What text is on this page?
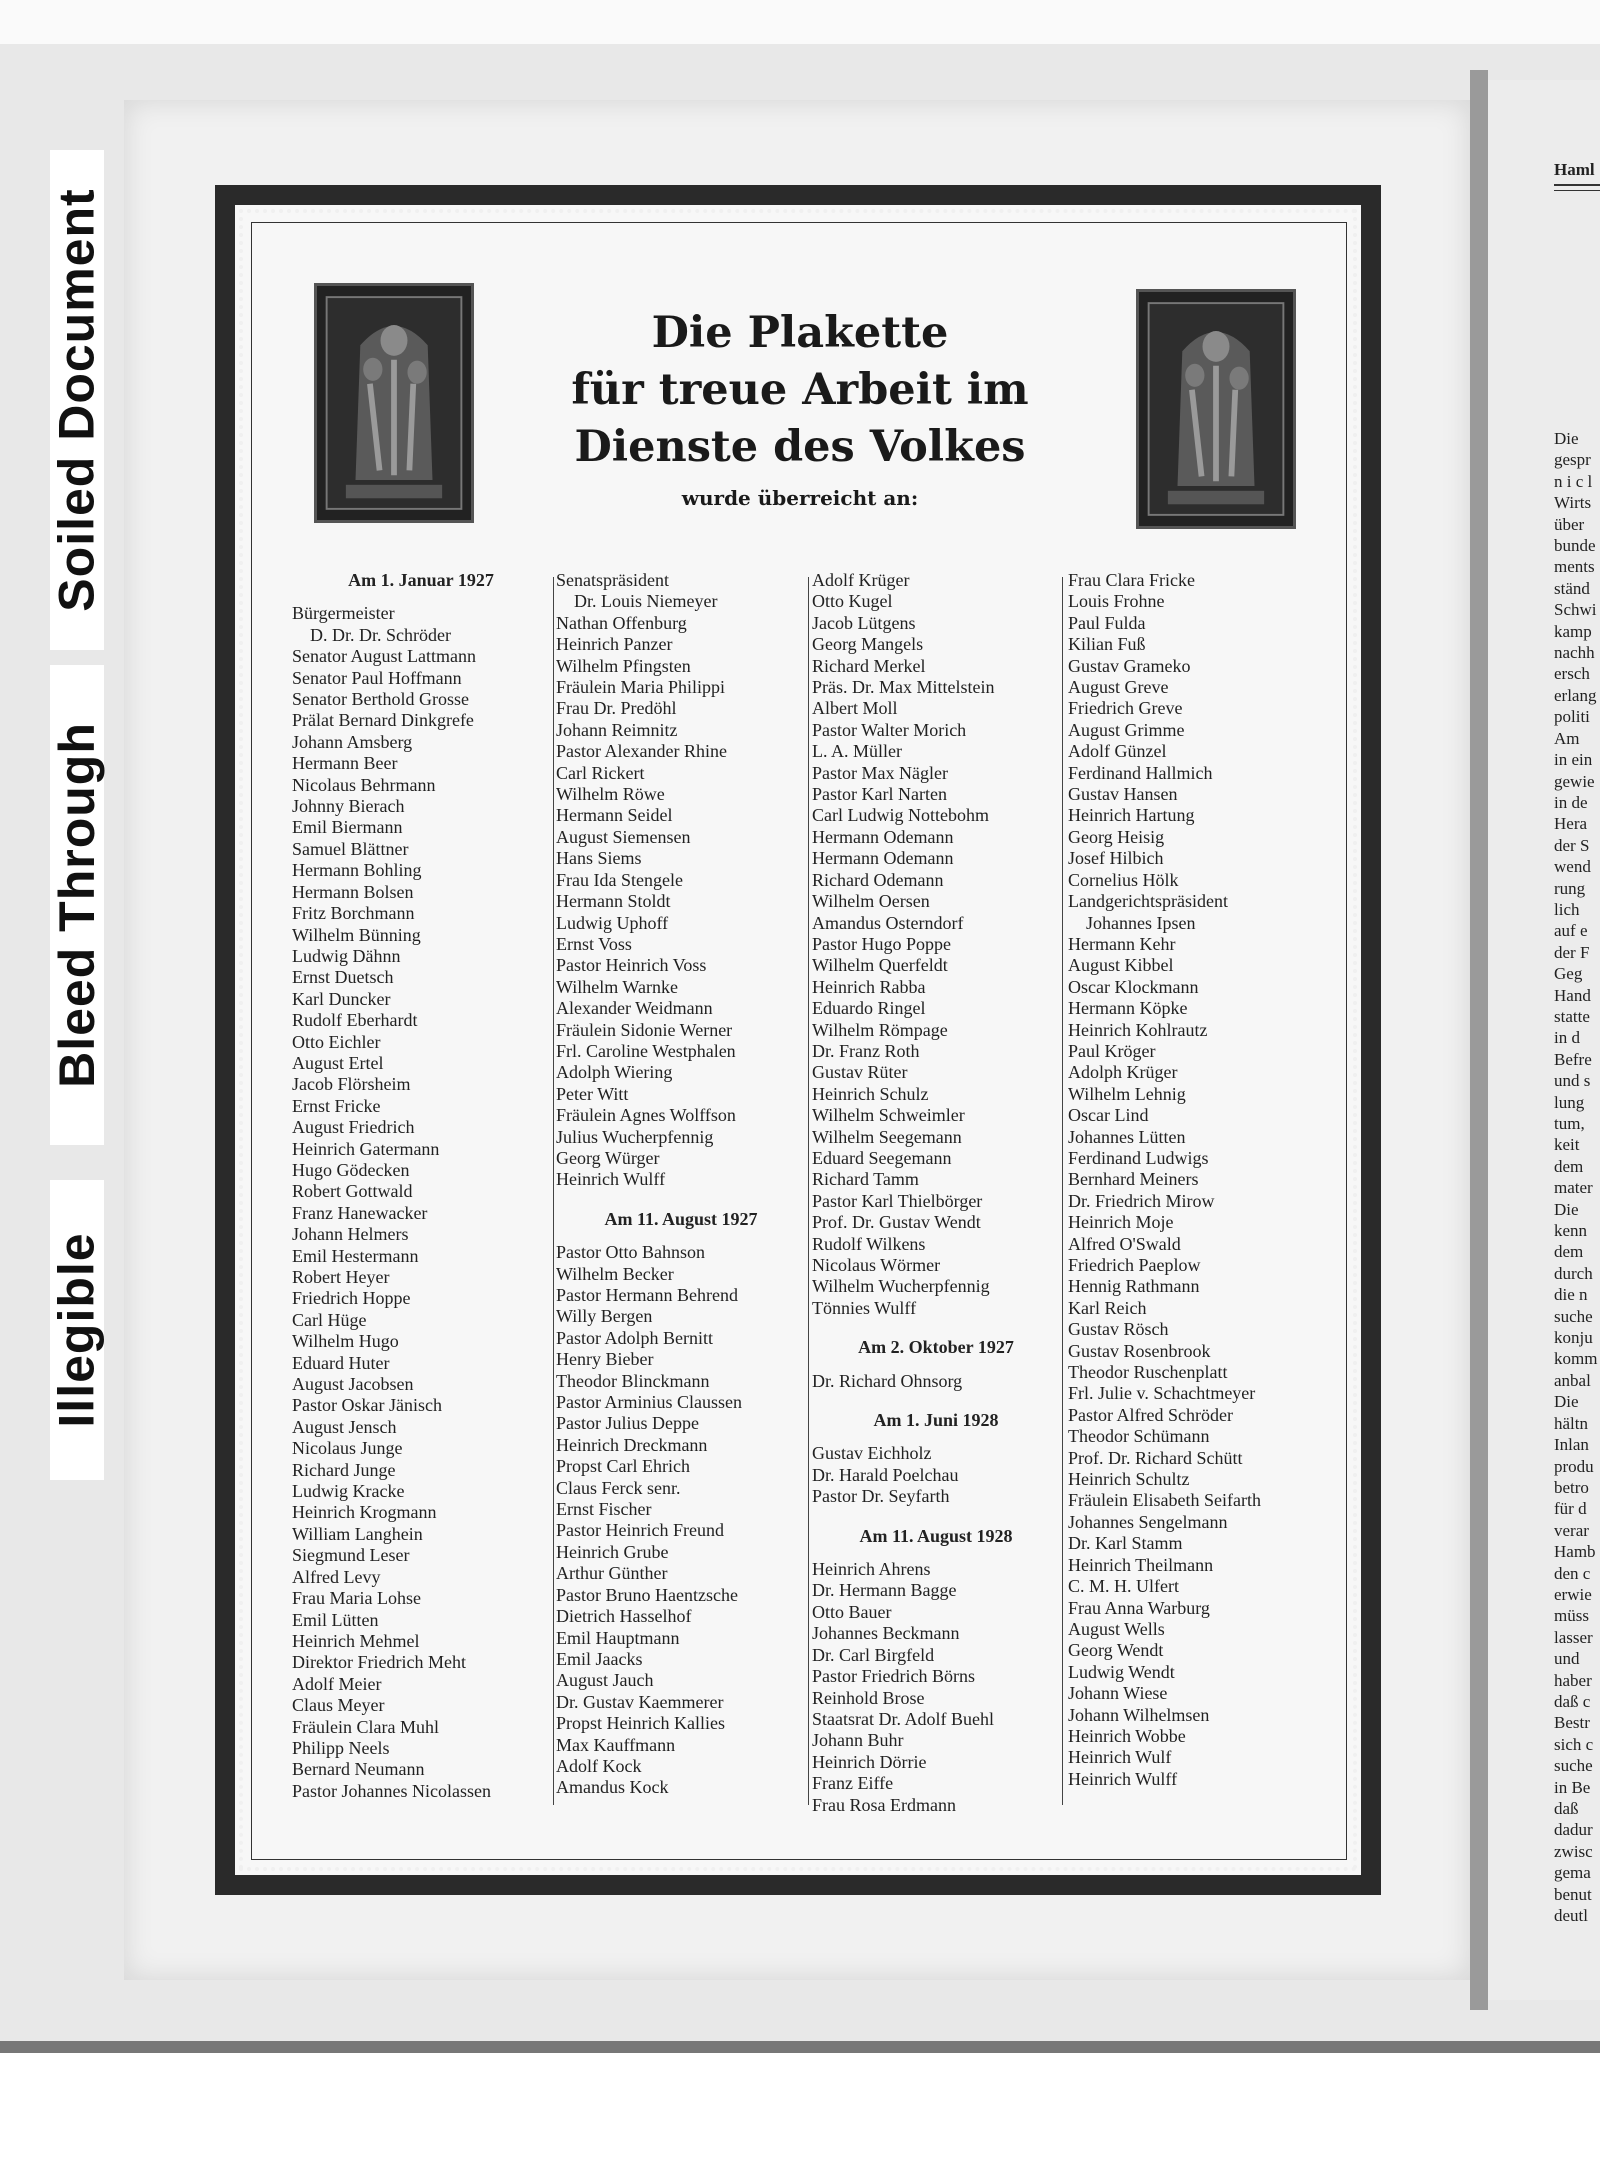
Soiled Document
Bleed Through
Illegible
Haml
Die
gespr
n i c l
Wirts
über
bunde
ments
ständ
Schwi
kamp
nachh
ersch
erlang
politi
Am
in ein
gewie
in de
Hera
der S
wend
rung
lich
auf e
der F
Geg
Hand
statte
in d
Befre
und s
lung
tum,
keit
dem
mater
Die
kenn
dem
durch
die n
suche
konju
komm
anbal
Die
hältn
Inlan
produ
betro
für d
verar
Hamb
den c
erwie
müss
lasser
und
haber
daß c
Bestr
sich c
suche
in Be
daß
dadur
zwisc
gema
benut
deutl
Die Plakette
für treue Arbeit im
Dienste des Volkes
wurde überreicht an:
Am 1. Januar 1927
Bürgermeister
D. Dr. Dr. Schröder
Senator August Lattmann
Senator Paul Hoffmann
Senator Berthold Grosse
Prälat Bernard Dinkgrefe
Johann Amsberg
Hermann Beer
Nicolaus Behrmann
Johnny Bierach
Emil Biermann
Samuel Blättner
Hermann Bohling
Hermann Bolsen
Fritz Borchmann
Wilhelm Bünning
Ludwig Dähnn
Ernst Duetsch
Karl Duncker
Rudolf Eberhardt
Otto Eichler
August Ertel
Jacob Flörsheim
Ernst Fricke
August Friedrich
Heinrich Gatermann
Hugo Gödecken
Robert Gottwald
Franz Hanewacker
Johann Helmers
Emil Hestermann
Robert Heyer
Friedrich Hoppe
Carl Hüge
Wilhelm Hugo
Eduard Huter
August Jacobsen
Pastor Oskar Jänisch
August Jensch
Nicolaus Junge
Richard Junge
Ludwig Kracke
Heinrich Krogmann
William Langhein
Siegmund Leser
Alfred Levy
Frau Maria Lohse
Emil Lütten
Heinrich Mehmel
Direktor Friedrich Meht
Adolf Meier
Claus Meyer
Fräulein Clara Muhl
Philipp Neels
Bernard Neumann
Pastor Johannes Nicolassen
Senatspräsident
Dr. Louis Niemeyer
Nathan Offenburg
Heinrich Panzer
Wilhelm Pfingsten
Fräulein Maria Philippi
Frau Dr. Predöhl
Johann Reimnitz
Pastor Alexander Rhine
Carl Rickert
Wilhelm Röwe
Hermann Seidel
August Siemensen
Hans Siems
Frau Ida Stengele
Hermann Stoldt
Ludwig Uphoff
Ernst Voss
Pastor Heinrich Voss
Wilhelm Warnke
Alexander Weidmann
Fräulein Sidonie Werner
Frl. Caroline Westphalen
Adolph Wiering
Peter Witt
Fräulein Agnes Wolffson
Julius Wucherpfennig
Georg Würger
Heinrich Wulff
Am 11. August 1927
Pastor Otto Bahnson
Wilhelm Becker
Pastor Hermann Behrend
Willy Bergen
Pastor Adolph Bernitt
Henry Bieber
Theodor Blinckmann
Pastor Arminius Claussen
Pastor Julius Deppe
Heinrich Dreckmann
Propst Carl Ehrich
Claus Ferck senr.
Ernst Fischer
Pastor Heinrich Freund
Heinrich Grube
Arthur Günther
Pastor Bruno Haentzsche
Dietrich Hasselhof
Emil Hauptmann
Emil Jaacks
August Jauch
Dr. Gustav Kaemmerer
Propst Heinrich Kallies
Max Kauffmann
Adolf Kock
Amandus Kock
Adolf Krüger
Otto Kugel
Jacob Lütgens
Georg Mangels
Richard Merkel
Präs. Dr. Max Mittelstein
Albert Moll
Pastor Walter Morich
L. A. Müller
Pastor Max Nägler
Pastor Karl Narten
Carl Ludwig Nottebohm
Hermann Odemann
Hermann Odemann
Richard Odemann
Wilhelm Oersen
Amandus Osterndorf
Pastor Hugo Poppe
Wilhelm Querfeldt
Heinrich Rabba
Eduardo Ringel
Wilhelm Römpage
Dr. Franz Roth
Gustav Rüter
Heinrich Schulz
Wilhelm Schweimler
Wilhelm Seegemann
Eduard Seegemann
Richard Tamm
Pastor Karl Thielbörger
Prof. Dr. Gustav Wendt
Rudolf Wilkens
Nicolaus Wörmer
Wilhelm Wucherpfennig
Tönnies Wulff
Am 2. Oktober 1927
Dr. Richard Ohnsorg
Am 1. Juni 1928
Gustav Eichholz
Dr. Harald Poelchau
Pastor Dr. Seyfarth
Am 11. August 1928
Heinrich Ahrens
Dr. Hermann Bagge
Otto Bauer
Johannes Beckmann
Dr. Carl Birgfeld
Pastor Friedrich Börns
Reinhold Brose
Staatsrat Dr. Adolf Buehl
Johann Buhr
Heinrich Dörrie
Franz Eiffe
Frau Rosa Erdmann
Frau Clara Fricke
Louis Frohne
Paul Fulda
Kilian Fuß
Gustav Grameko
August Greve
Friedrich Greve
August Grimme
Adolf Günzel
Ferdinand Hallmich
Gustav Hansen
Heinrich Hartung
Georg Heisig
Josef Hilbich
Cornelius Hölk
Landgerichtspräsident
Johannes Ipsen
Hermann Kehr
August Kibbel
Oscar Klockmann
Hermann Köpke
Heinrich Kohlrautz
Paul Kröger
Adolph Krüger
Wilhelm Lehnig
Oscar Lind
Johannes Lütten
Ferdinand Ludwigs
Bernhard Meiners
Dr. Friedrich Mirow
Heinrich Moje
Alfred O'Swald
Friedrich Paeplow
Hennig Rathmann
Karl Reich
Gustav Rösch
Gustav Rosenbrook
Theodor Ruschenplatt
Frl. Julie v. Schachtmeyer
Pastor Alfred Schröder
Theodor Schümann
Prof. Dr. Richard Schütt
Heinrich Schultz
Fräulein Elisabeth Seifarth
Johannes Sengelmann
Dr. Karl Stamm
Heinrich Theilmann
C. M. H. Ulfert
Frau Anna Warburg
August Wells
Georg Wendt
Ludwig Wendt
Johann Wiese
Johann Wilhelmsen
Heinrich Wobbe
Heinrich Wulf
Heinrich Wulff
